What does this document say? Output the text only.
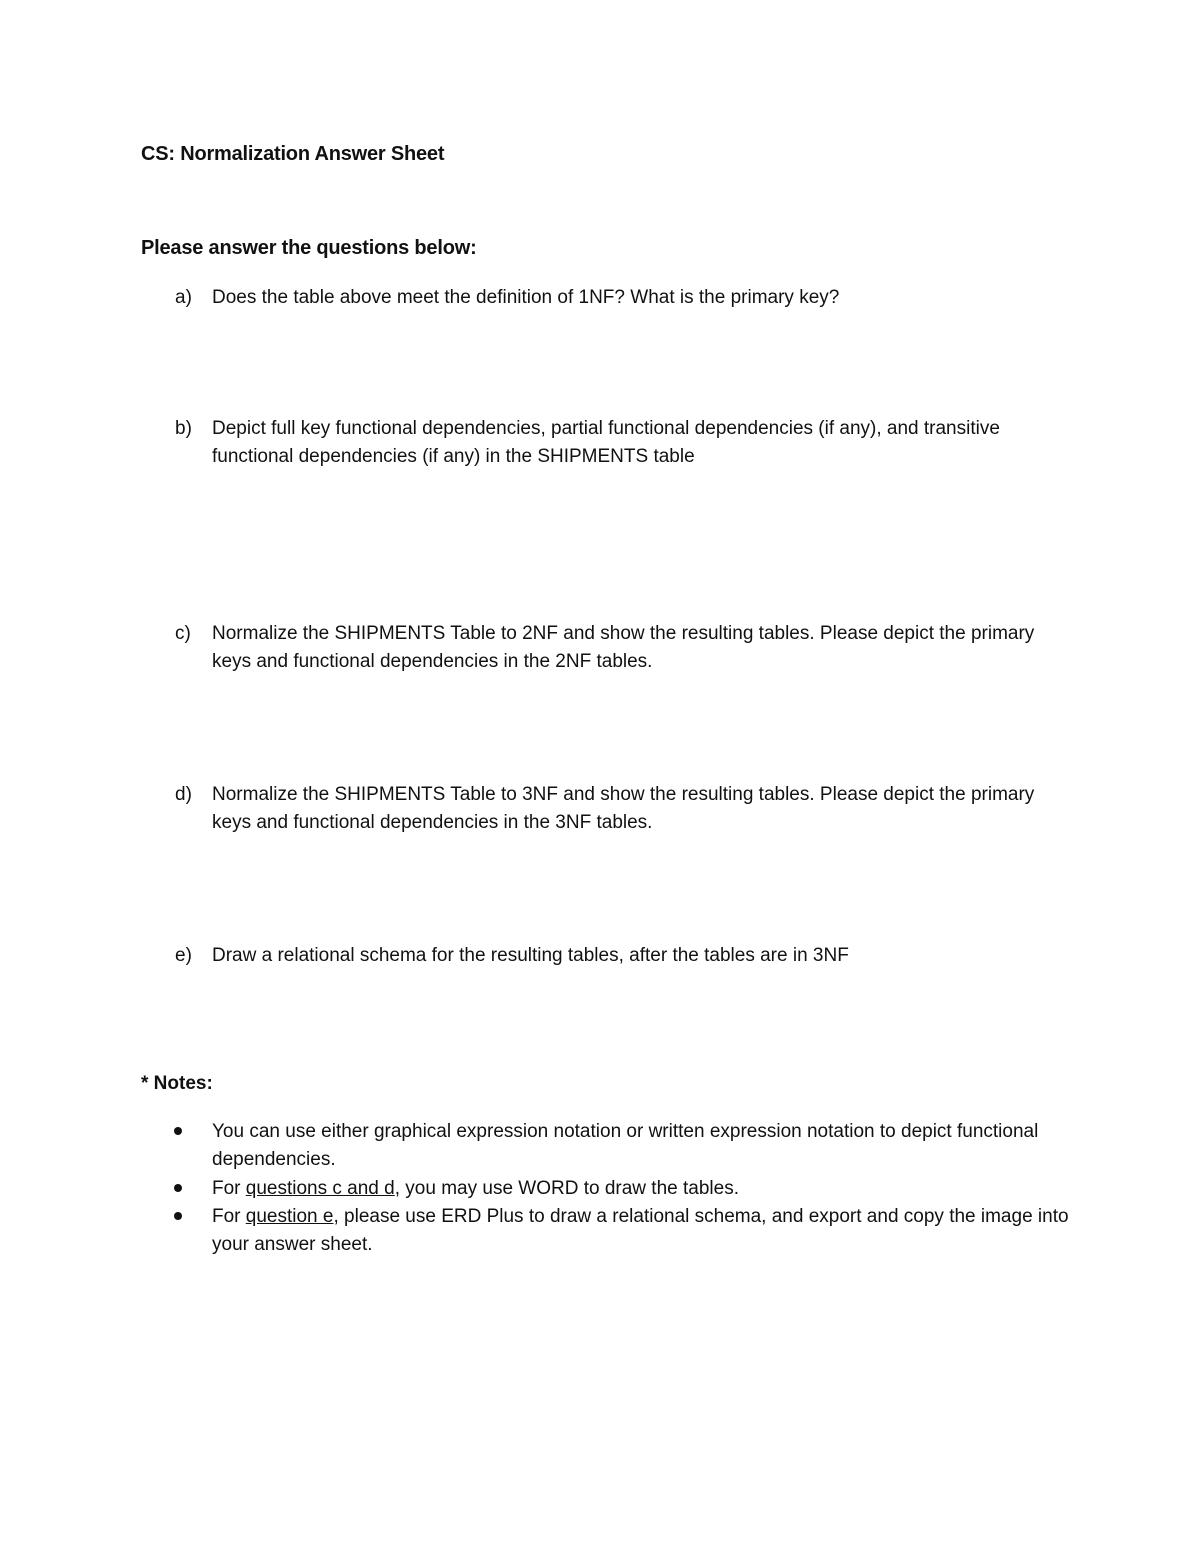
CS: Normalization Answer Sheet
Please answer the questions below:
a) Does the table above meet the definition of 1NF? What is the primary key?
b) Depict full key functional dependencies, partial functional dependencies (if any), and transitive functional dependencies (if any) in the SHIPMENTS table
c) Normalize the SHIPMENTS Table to 2NF and show the resulting tables. Please depict the primary keys and functional dependencies in the 2NF tables.
d) Normalize the SHIPMENTS Table to 3NF and show the resulting tables. Please depict the primary keys and functional dependencies in the 3NF tables.
e) Draw a relational schema for the resulting tables, after the tables are in 3NF
* Notes:
You can use either graphical expression notation or written expression notation to depict functional dependencies.
For questions c and d, you may use WORD to draw the tables.
For question e, please use ERD Plus to draw a relational schema, and export and copy the image into your answer sheet.
